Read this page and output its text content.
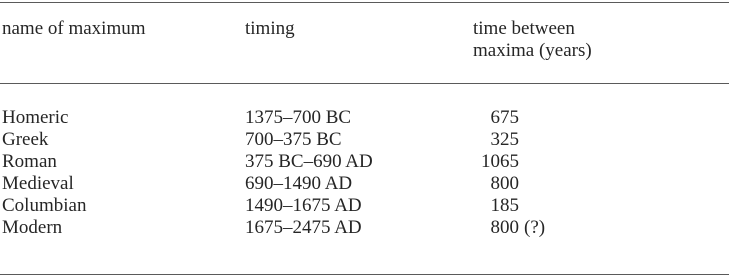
name of maximum	timing	time between
maxima (years)
Homeric	1375–700 BC	675
Greek	700–375 BC	325
Roman	375 BC–690 AD	1065
Medieval	690–1490 AD	800
Columbian	1490–1675 AD	185
Modern	1675–2475 AD	800 (?)
